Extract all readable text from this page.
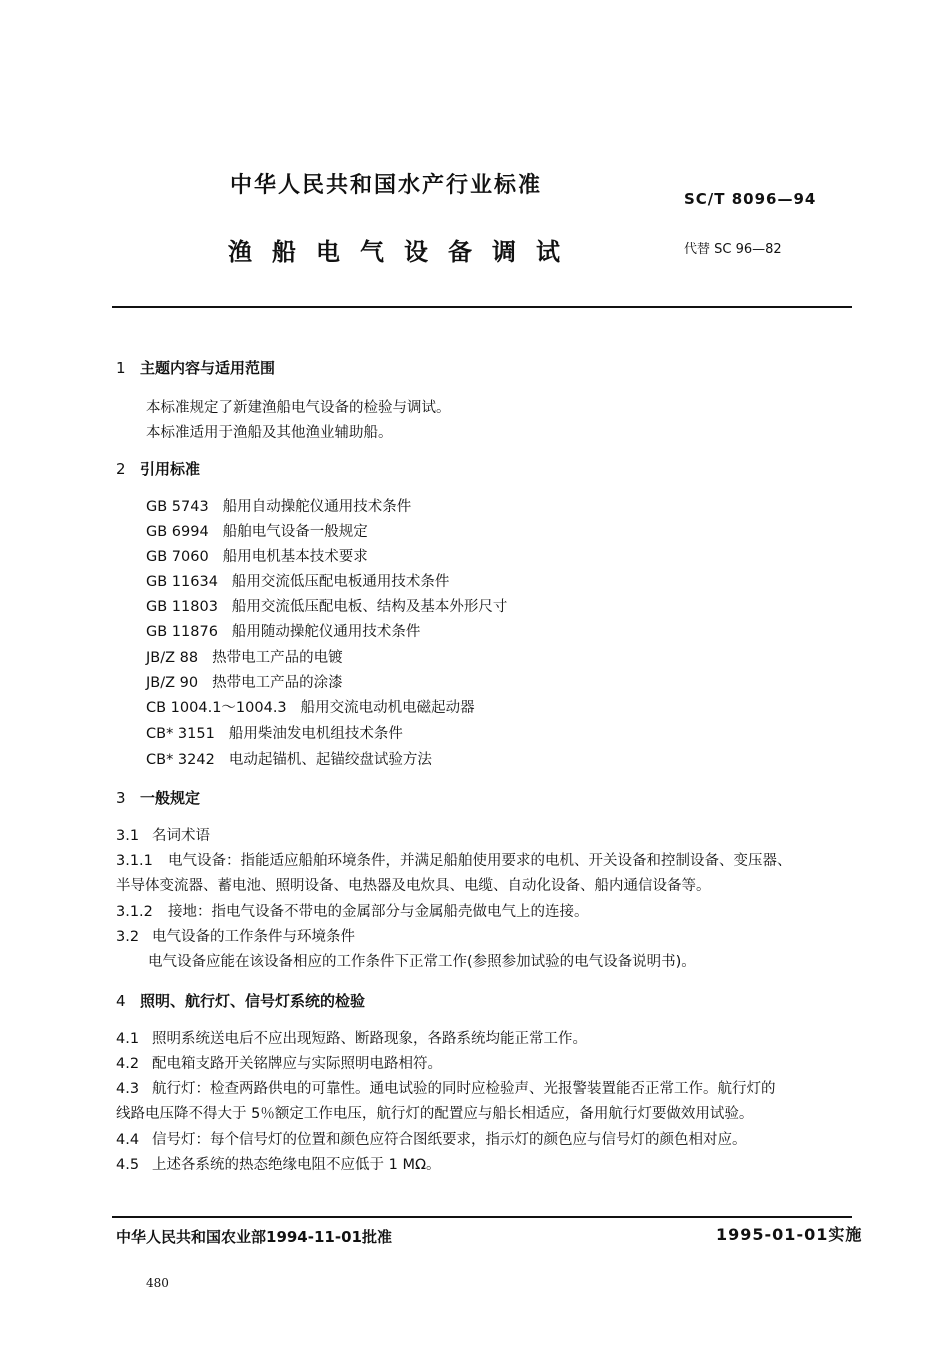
中华人民共和国水产行业标准
SC/T 8096—94
渔船电气设备调试	代替 SC 96—82
1 主题内容与适用范围
本标准规定了新建渔船电气设备的检验与调试。
本标准适用于渔船及其他渔业辅助船。
2 引用标准
GB 5743 船用自动操舵仪通用技术条件
GB 6994 船舶电气设备一般规定
GB 7060 船用电机基本技术要求
GB 11634 船用交流低压配电板通用技术条件
GB 11803 船用交流低压配电板、结构及基本外形尺寸
GB 11876 船用随动操舵仪通用技术条件
JB/Z 88 热带电工产品的电镀
JB/Z 90 热带电工产品的涂漆
CB 1004.1～1004.3 船用交流电动机电磁起动器
CB* 3151 船用柴油发电机组技术条件
CB* 3242 电动起锚机、起锚绞盘试验方法
3 一般规定
3.1 名词术语
3.1.1 电气设备：指能适应船舶环境条件，并满足船舶使用要求的电机、开关设备和控制设备、变压器、
半导体变流器、蓄电池、照明设备、电热器及电炊具、电缆、自动化设备、船内通信设备等。
3.1.2 接地：指电气设备不带电的金属部分与金属船壳做电气上的连接。
3.2 电气设备的工作条件与环境条件
电气设备应能在该设备相应的工作条件下正常工作(参照参加试验的电气设备说明书)。
4 照明、航行灯、信号灯系统的检验
4.1 照明系统送电后不应出现短路、断路现象，各路系统均能正常工作。
4.2 配电箱支路开关铭牌应与实际照明电路相符。
4.3 航行灯：检查两路供电的可靠性。通电试验的同时应检验声、光报警装置能否正常工作。航行灯的
线路电压降不得大于 5％额定工作电压，航行灯的配置应与船长相适应，备用航行灯要做效用试验。
4.4 信号灯：每个信号灯的位置和颜色应符合图纸要求，指示灯的颜色应与信号灯的颜色相对应。
4.5 上述各系统的热态绝缘电阻不应低于 1 MΩ。
中华人民共和国农业部1994-11-01批准	1995-01-01实施
480
